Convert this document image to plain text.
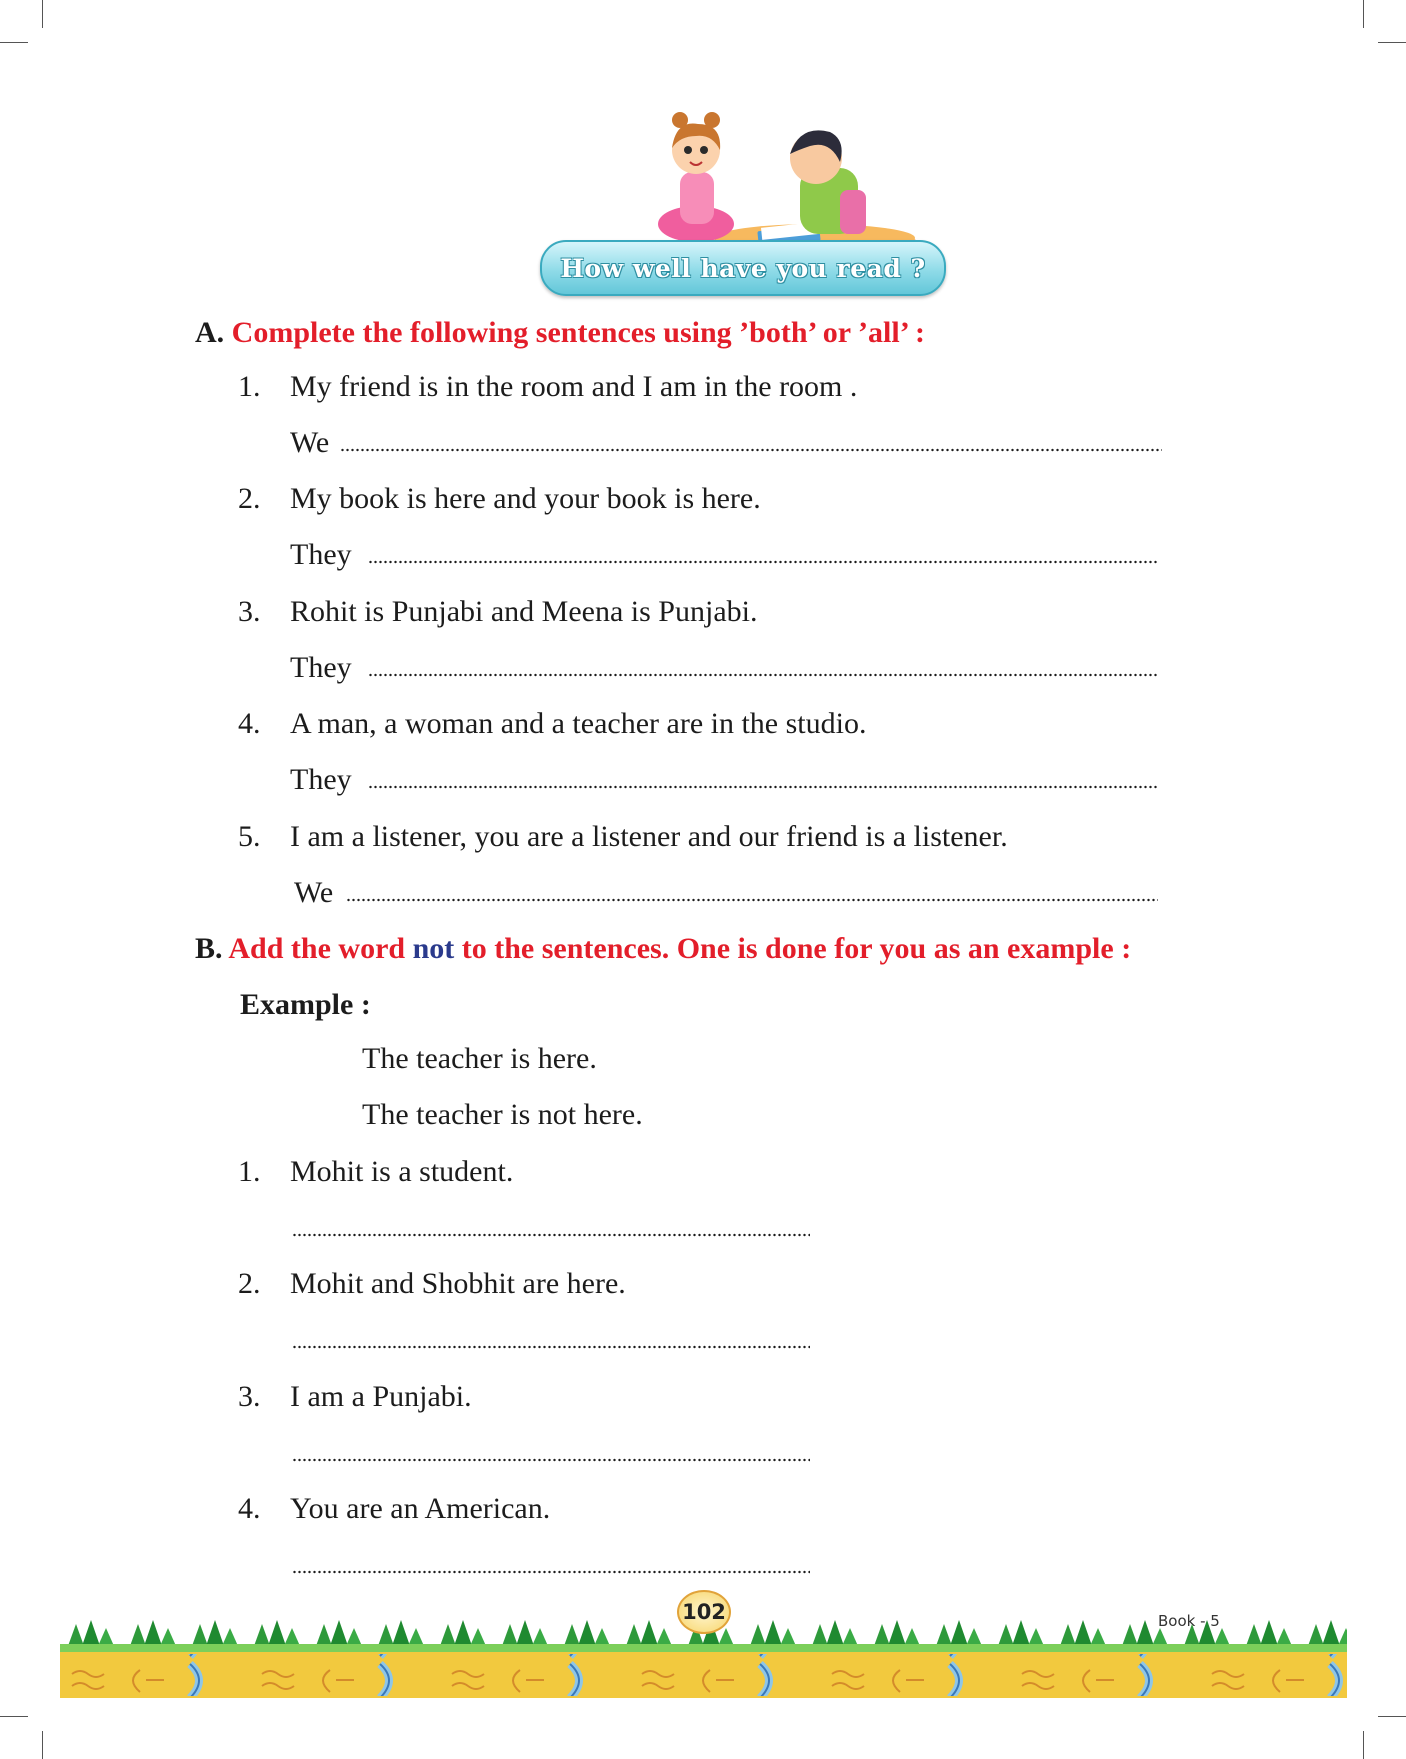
How well have you read ?
A. Complete the following sentences using ’both’ or ’all’ :
1. My friend is in the room and I am in the room .
We
2. My book is here and your book is here.
They
3. Rohit is Punjabi and Meena is Punjabi.
They
4. A man, a woman and a teacher are in the studio.
They
5. I am a listener, you are a listener and our friend is a listener.
We
B. Add the word not to the sentences. One is done for you as an example :
Example :
The teacher is here.
The teacher is not here.
1. Mohit is a student.
2. Mohit and Shobhit are here.
3. I am a Punjabi.
4. You are an American.
102	Book - 5
